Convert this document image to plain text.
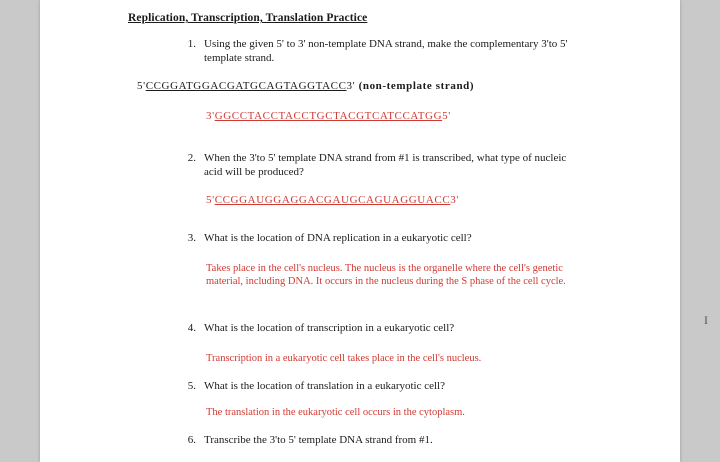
Replication, Transcription, Translation Practice
1. Using the given 5' to 3' non-template DNA strand, make the complementary 3'to 5' template strand.
5'CCGGATGGACGATGCAGTAGGTACC3' (non-template strand)
3'GGCCTACCTACCTGCTACGTCATCCATGG5'
2. When the 3'to 5' template DNA strand from #1 is transcribed, what type of nucleic acid will be produced?
5'CCGGAUGGAGGACGAUGCAGUAGGUACC3'
3. What is the location of DNA replication in a eukaryotic cell?
Takes place in the cell's nucleus. The nucleus is the organelle where the cell's genetic material, including DNA. It occurs in the nucleus during the S phase of the cell cycle.
4. What is the location of transcription in a eukaryotic cell?
Transcription in a eukaryotic cell takes place in the cell's nucleus.
5. What is the location of translation in a eukaryotic cell?
The translation in the eukaryotic cell occurs in the cytoplasm.
6. Transcribe the 3'to 5' template DNA strand from #1.
I
